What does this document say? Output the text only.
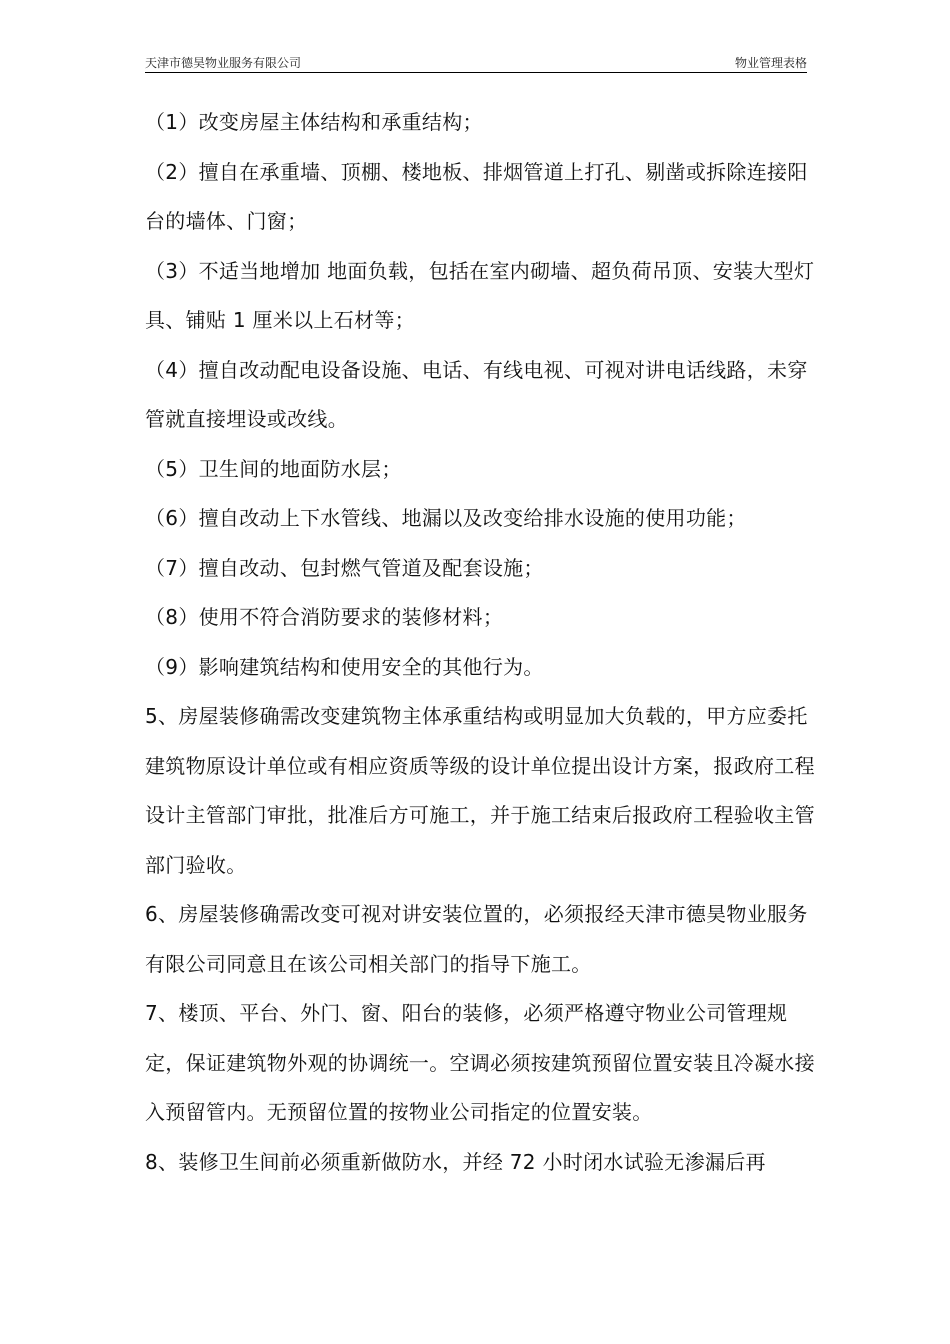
天津市德昊物业服务有限公司	物业管理表格

（1）改变房屋主体结构和承重结构；

（2）擅自在承重墙、顶棚、楼地板、排烟管道上打孔、剔凿或拆除连接阳台的墙体、门窗；

（3）不适当地增加 地面负载，包括在室内砌墙、超负荷吊顶、安装大型灯具、铺贴 1 厘米以上石材等；

（4）擅自改动配电设备设施、电话、有线电视、可视对讲电话线路，未穿管就直接埋设或改线。

（5）卫生间的地面防水层；

（6）擅自改动上下水管线、地漏以及改变给排水设施的使用功能；

（7）擅自改动、包封燃气管道及配套设施；

（8）使用不符合消防要求的装修材料；

（9）影响建筑结构和使用安全的其他行为。

5、房屋装修确需改变建筑物主体承重结构或明显加大负载的，甲方应委托建筑物原设计单位或有相应资质等级的设计单位提出设计方案，报政府工程设计主管部门审批，批准后方可施工，并于施工结束后报政府工程验收主管部门验收。

6、房屋装修确需改变可视对讲安装位置的，必须报经天津市德昊物业服务有限公司同意且在该公司相关部门的指导下施工。

7、楼顶、平台、外门、窗、阳台的装修，必须严格遵守物业公司管理规定，保证建筑物外观的协调统一。空调必须按建筑预留位置安装且冷凝水接入预留管内。无预留位置的按物业公司指定的位置安装。

8、装修卫生间前必须重新做防水，并经 72 小时闭水试验无渗漏后再
